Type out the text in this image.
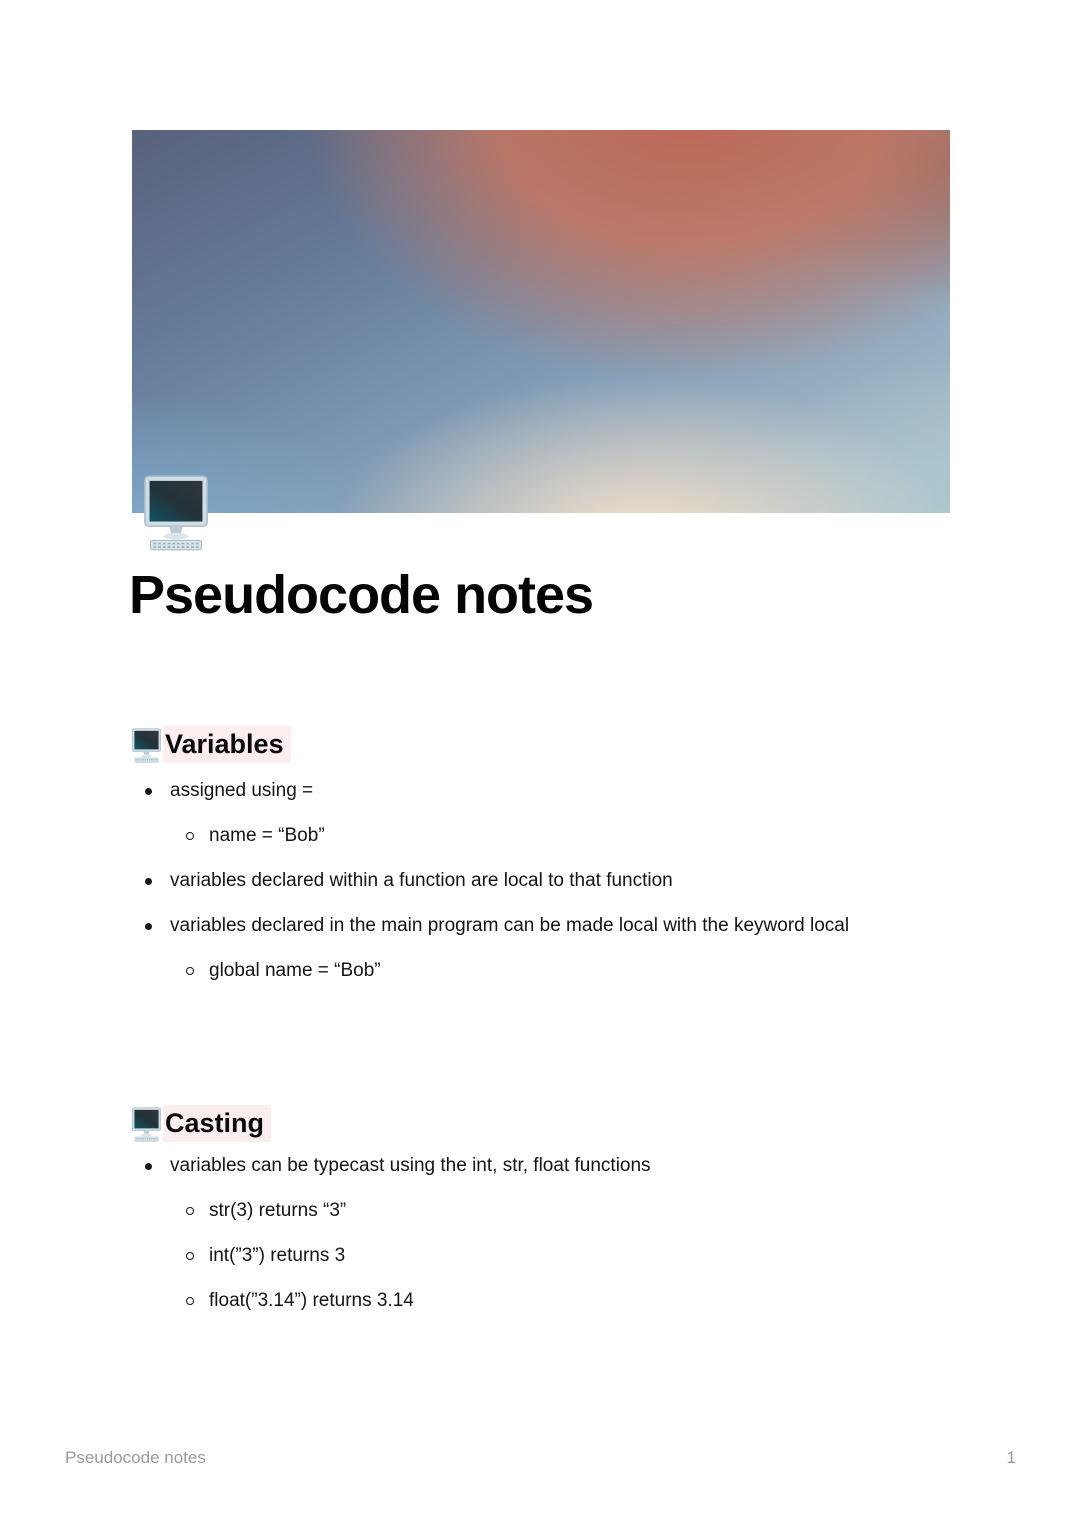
Pseudocode notes
Variables
assigned using =
name = “Bob”
variables declared within a function are local to that function
variables declared in the main program can be made local with the keyword local
global name = “Bob”
Casting
variables can be typecast using the int, str, float functions
str(3) returns “3”
int(”3”) returns 3
float(”3.14”) returns 3.14
Pseudocode notes	1
